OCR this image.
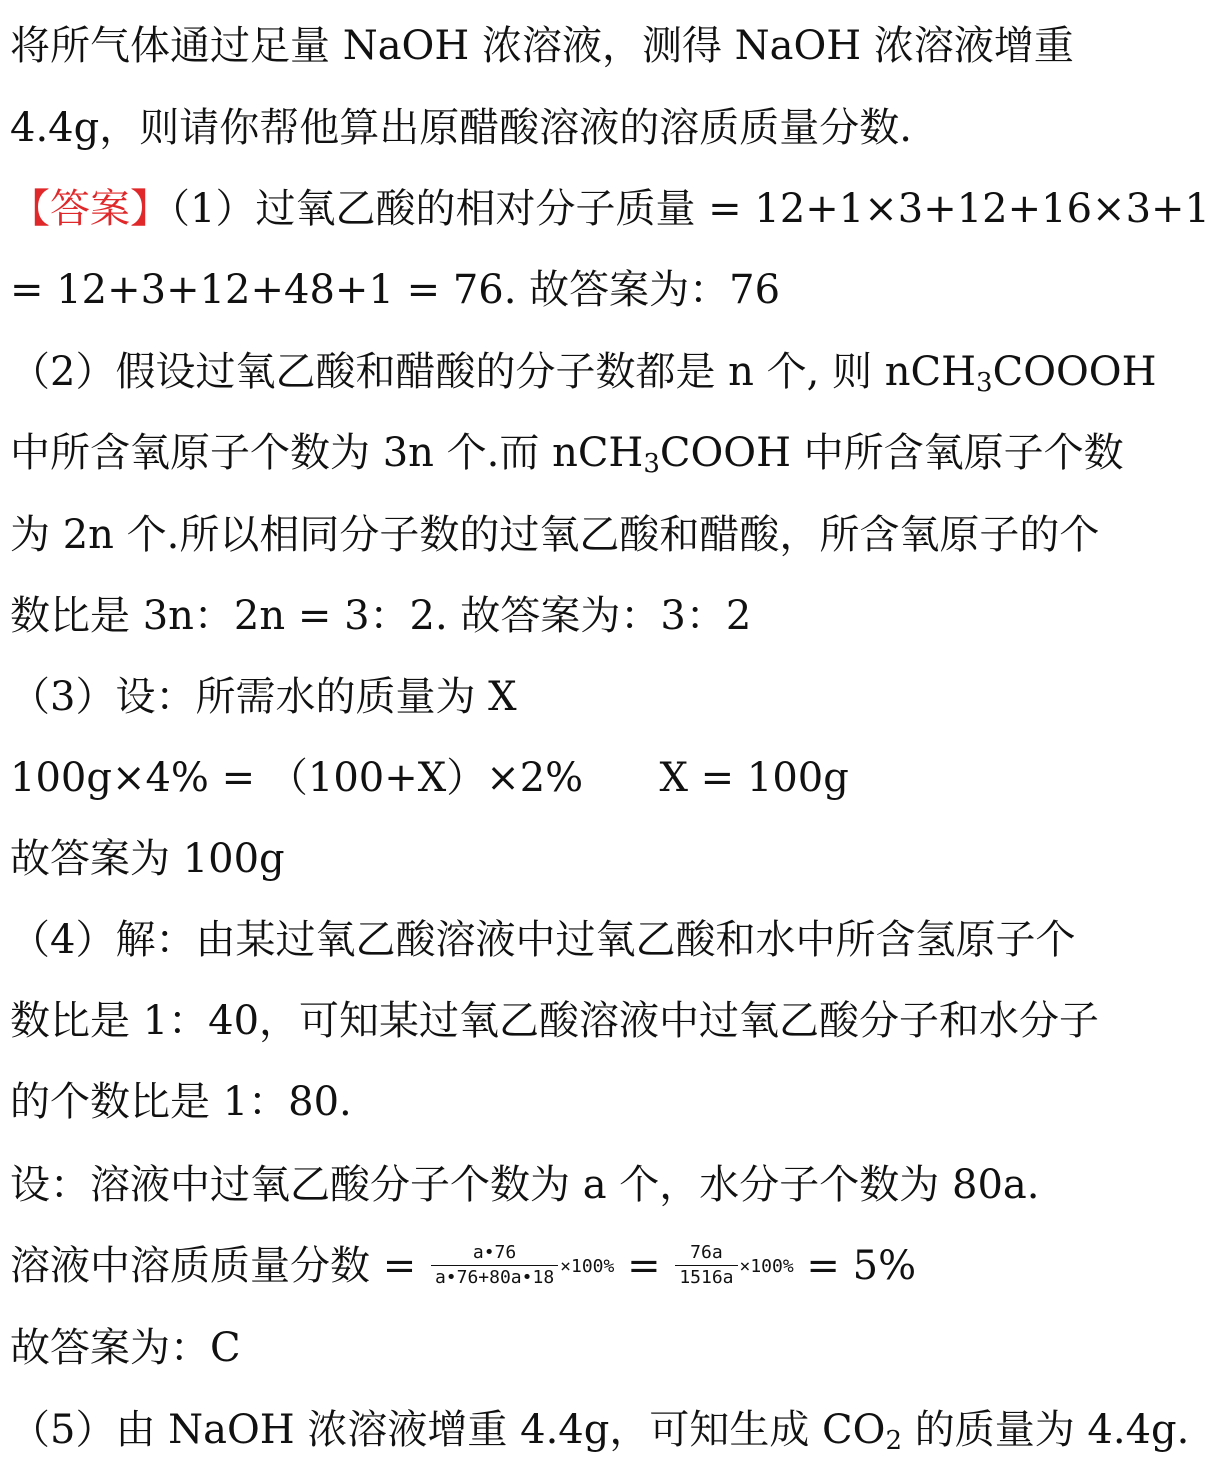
将所气体通过足量 NaOH 浓溶液，测得 NaOH 浓溶液增重
4.4g，则请你帮他算出原醋酸溶液的溶质质量分数.
【答案】（1）过氧乙酸的相对分子质量 = 12+1×3+12+16×3+1
= 12+3+12+48+1 = 76. 故答案为：76
（2）假设过氧乙酸和醋酸的分子数都是 n 个, 则 nCH$_3$COOOH
中所含氧原子个数为 3n 个.而 nCH$_3$COOH 中所含氧原子个数
为 2n 个.所以相同分子数的过氧乙酸和醋酸，所含氧原子的个
数比是 3n：2n = 3：2. 故答案为：3：2
（3）设：所需水的质量为 X
100g×4% = （100+X）×2%      X = 100g
故答案为 100g
（4）解：由某过氧乙酸溶液中过氧乙酸和水中所含氢原子个
数比是 1：40，可知某过氧乙酸溶液中过氧乙酸分子和水分子
的个数比是 1：80.
设：溶液中过氧乙酸分子个数为 a 个，水分子个数为 80a.
溶液中溶质质量分数 = $\frac{a•76}{a•76+80a•18} \times 100\% = \frac{76a}{1516a} \times 100\% = 5\%$
故答案为：C
（5）由 NaOH 浓溶液增重 4.4g，可知生成 $CO_2$ 的质量为 4.4g.
